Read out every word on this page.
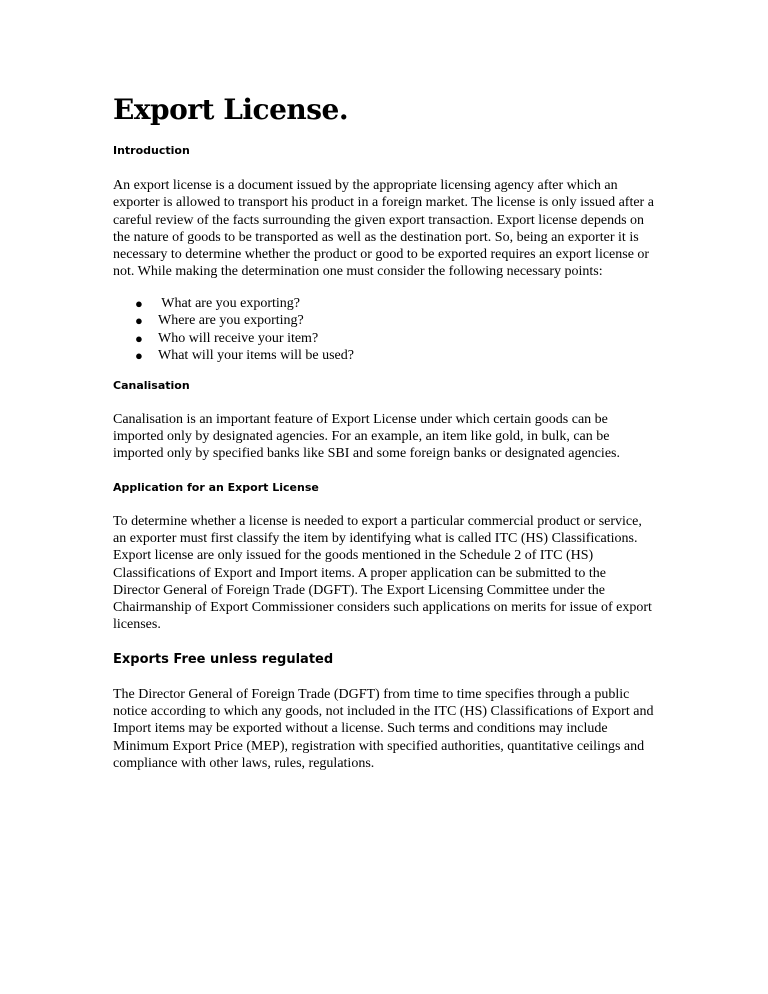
Export License.
Introduction

An export license is a document issued by the appropriate licensing agency after which an exporter is allowed to transport his product in a foreign market. The license is only issued after a careful review of the facts surrounding the given export transaction. Export license depends on the nature of goods to be transported as well as the destination port. So, being an exporter it is necessary to determine whether the product or good to be exported requires an export license or not. While making the determination one must consider the following necessary points:

● What are you exporting?
● Where are you exporting?
● Who will receive your item?
● What will your items will be used?
Canalisation

Canalisation is an important feature of Export License under which certain goods can be imported only by designated agencies. For an example, an item like gold, in bulk, can be imported only by specified banks like SBI and some foreign banks or designated agencies.

Application for an Export License

To determine whether a license is needed to export a particular commercial product or service, an exporter must first classify the item by identifying what is called ITC (HS) Classifications. Export license are only issued for the goods mentioned in the Schedule 2 of ITC (HS) Classifications of Export and Import items. A proper application can be submitted to the Director General of Foreign Trade (DGFT). The Export Licensing Committee under the Chairmanship of Export Commissioner considers such applications on merits for issue of export licenses.

Exports Free unless regulated

The Director General of Foreign Trade (DGFT) from time to time specifies through a public notice according to which any goods, not included in the ITC (HS) Classifications of Export and Import items may be exported without a license. Such terms and conditions may include Minimum Export Price (MEP), registration with specified authorities, quantitative ceilings and compliance with other laws, rules, regulations.
